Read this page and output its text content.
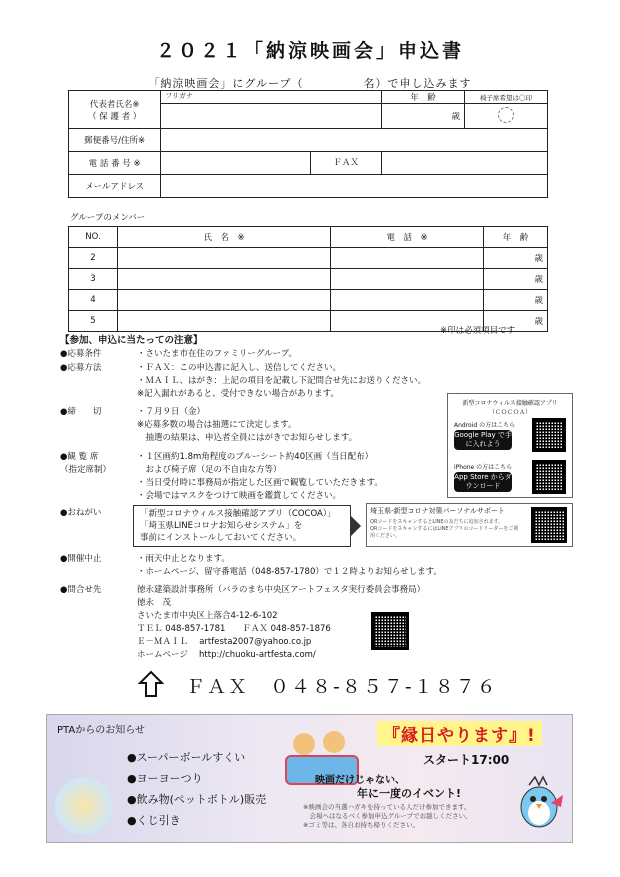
２０２１「納涼映画会」申込書
「納涼映画会」にグループ（　　　　　名）で申し込みます
代表者氏名※
（ 保 護 者 ）	フリガナ	年　齢	椅子席希望は〇印
		歳	
郵便番号/住所※			
電 話 番 号 ※	ＦＡＸ		

メールアドレス			
グループのメンバー
NO.	氏　名　※	電　話　※	年　齢
2			歳
3			歳
4			歳
5			歳
※印は必須項目です
【参加、申込に当たっての注意】
●応募条件	・さいたま市在住のファミリーグループ。
●応募方法	・ＦＡＸ：この申込書に記入し、送信してください。
・ＭＡＩＬ、はがき：上記の項目を記載し下記問合せ先にお送りください。
※記入漏れがあると、受付できない場合があります。
●締　　切	・７月９日（金）
※応募多数の場合は抽選にて決定します。
　抽選の結果は、申込者全員にはがきでお知らせします。
●観 覧 席
（指定席制）
・１区画約1.8m角程度のブルーシート約40区画（当日配布）
　および椅子席（足の不自由な方等）
・当日受付時に事務局が指定した区画で観覧していただきます。
・会場ではマスクをつけて映画を鑑賞してください。
●おねがい	「新型コロナウィルス接触確認アプリ（COCOA）」
「埼玉県LINEコロナお知らせシステム」を
事前にインストールしておいてください。
新型コロナウィルス接触確認アプリ
（ＣＯＣＯＡ）
Android の方はこちら
Google Play で手に入れよう
iPhone の方はこちら
App Store からダウンロード
埼玉県-新型コロナ対策パーソナルサポート
QRコードをスキャンするとLINEの友だちに追加されます。
QRコードをスキャンするにはLINEアプリのコードリーダーをご利用ください。
●開催中止	・雨天中止となります。
・ホームページ、留守番電話（048-857-1780）で１２時よりお知らせします。
●問合せ先	徳永建築設計事務所（バラのまち中央区アートフェスタ実行委員会事務局）
徳永　茂
さいたま市中央区上落合4-12-6-102
ＴＥＬ 048-857-1781　　ＦＡＸ 048-857-1876
Ｅ－ＭＡＩＬ　 artfesta2007@yahoo.co.jp
ホームページ　 http://chuoku-artfesta.com/
ＦＡＸ　０４８-８５７-１８７６
PTAからのお知らせ
●スーパーボールすくい
●ヨーヨーつり
●飲み物(ペットボトル)販売
●くじ引き
『縁日やります』!
スタート17:00
映画だけじゃない、
年に一度のイベント!
※映画会の当選ハガキを持っている人だけ参加できます。
　会場へはなるべく参加申込グループでお越しください。
※ゴミ等は、各自お持ち帰りください。
